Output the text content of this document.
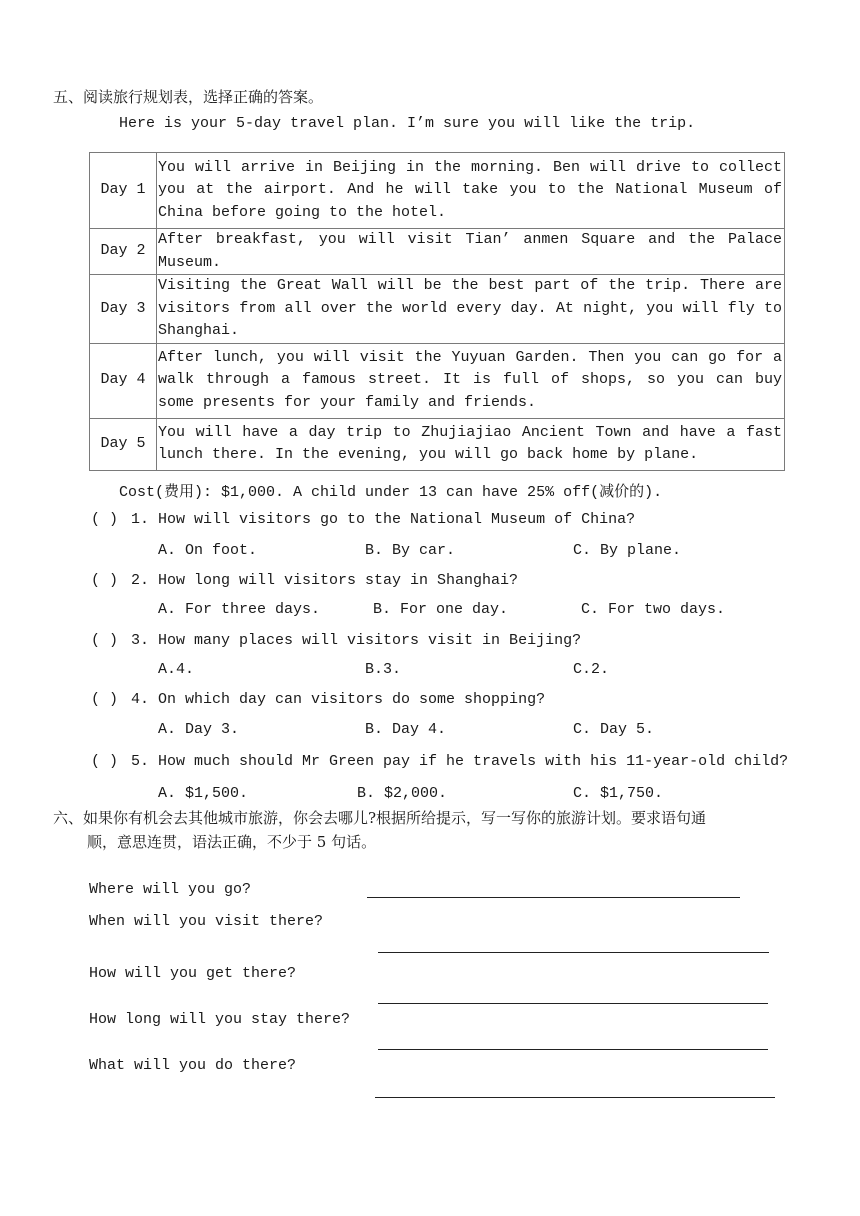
五、阅读旅行规划表，选择正确的答案。
Here is your 5-day travel plan. I’m sure you will like the trip.
Day 1	You will arrive in Beijing in the morning. Ben will drive to collect you at the airport. And he will take you to the National Museum of China before going to the hotel.
Day 2	After breakfast, you will visit Tian’ anmen Square and the Palace Museum.
Day 3	Visiting the Great Wall will be the best part of the trip. There are visitors from all over the world every day. At night, you will fly to Shanghai.
Day 4	After lunch, you will visit the Yuyuan Garden. Then you can go for a walk through a famous street. It is full of shops, so you can buy some presents for your family and friends.
Day 5	You will have a day trip to Zhujiajiao Ancient Town and have a fast lunch there. In the evening, you will go back home by plane.
Cost(费用): $1,000. A child under 13 can have 25% off(减价的).
( ) 1. How will visitors go to the National Museum of China?
A. On foot.	B. By car.	C. By plane.
( ) 2. How long will visitors stay in Shanghai?
A. For three days.	B. For one day.	C. For two days.
( ) 3. How many places will visitors visit in Beijing?
A.4.	B.3.	C.2.
( ) 4. On which day can visitors do some shopping?
A. Day 3.	B. Day 4.	C. Day 5.
( ) 5. How much should Mr Green pay if he travels with his 11-year-old child?
A. $1,500.	B. $2,000.	C. $1,750.
六、如果你有机会去其他城市旅游，你会去哪儿?根据所给提示，写一写你的旅游计划。要求语句通
顺，意思连贯，语法正确，不少于 5 句话。
Where will you go?
When will you visit there?
How will you get there?
How long will you stay there?
What will you do there?
